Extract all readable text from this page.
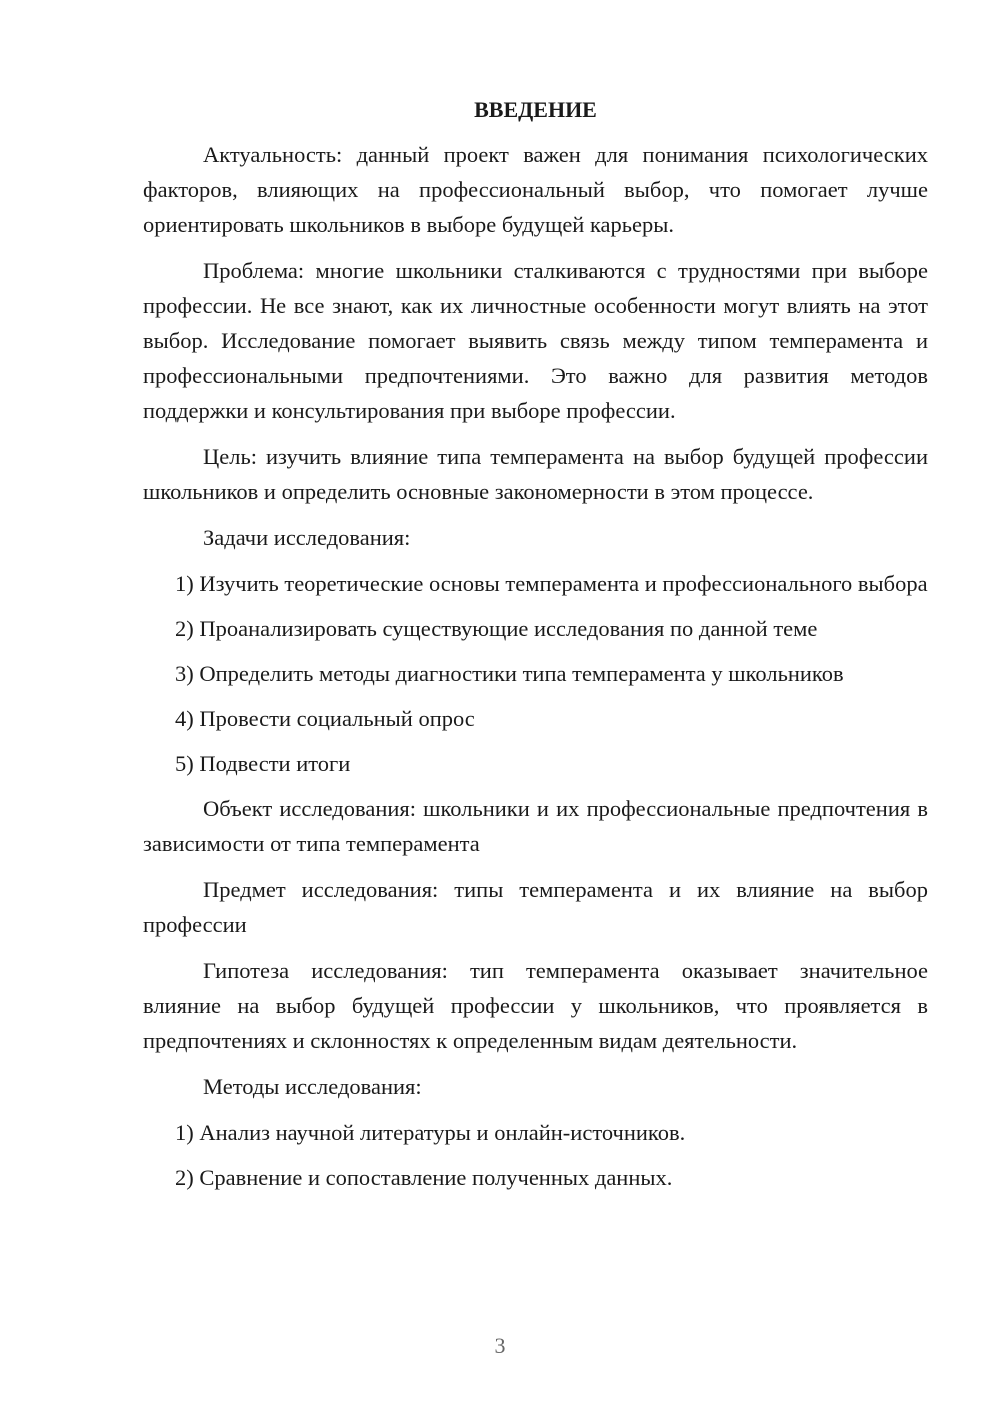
ВВЕДЕНИЕ

Актуальность: данный проект важен для понимания психологических факторов, влияющих на профессиональный выбор, что помогает лучше ориентировать школьников в выборе будущей карьеры.

Проблема: многие школьники сталкиваются с трудностями при выборе профессии. Не все знают, как их личностные особенности могут влиять на этот выбор. Исследование помогает выявить связь между типом темперамента и профессиональными предпочтениями. Это важно для развития методов поддержки и консультирования при выборе профессии.

Цель: изучить влияние типа темперамента на выбор будущей профессии школьников и определить основные закономерности в этом процессе.

Задачи исследования:

1) Изучить теоретические основы темперамента и профессионального выбора

2) Проанализировать существующие исследования по данной теме

3) Определить методы диагностики типа темперамента у школьников

4) Провести социальный опрос

5) Подвести итоги

Объект исследования: школьники и их профессиональные предпочтения в зависимости от типа темперамента

Предмет исследования: типы темперамента и их влияние на выбор профессии

Гипотеза исследования: тип темперамента оказывает значительное влияние на выбор будущей профессии у школьников, что проявляется в предпочтениях и склонностях к определенным видам деятельности.

Методы исследования:

1) Анализ научной литературы и онлайн-источников.

2) Сравнение и сопоставление полученных данных.

3
